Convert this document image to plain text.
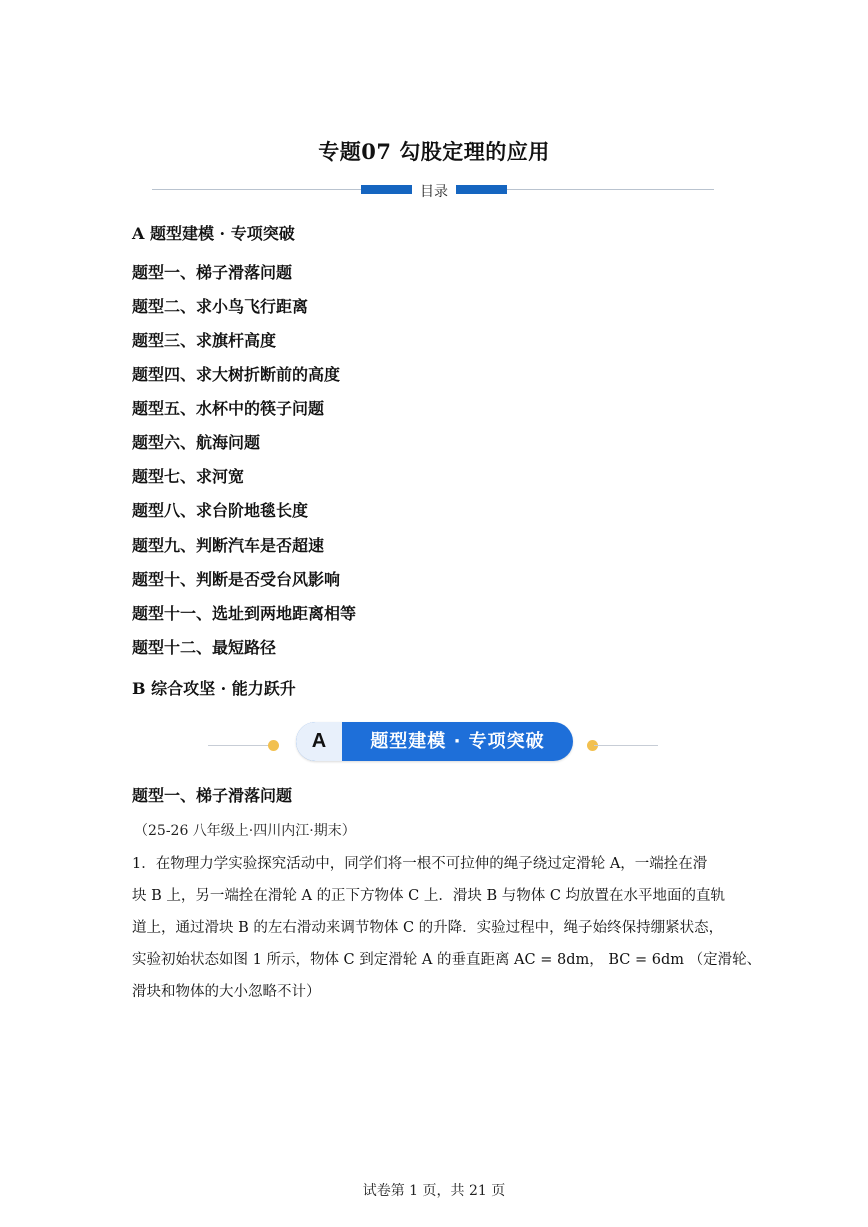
专题07 勾股定理的应用
目录
A 题型建模 · 专项突破
题型一、梯子滑落问题
题型二、求小鸟飞行距离
题型三、求旗杆高度
题型四、求大树折断前的高度
题型五、水杯中的筷子问题
题型六、航海问题
题型七、求河宽
题型八、求台阶地毯长度
题型九、判断汽车是否超速
题型十、判断是否受台风影响
题型十一、选址到两地距离相等
题型十二、最短路径
B 综合攻坚 · 能力跃升
A	题型建模 · 专项突破
题型一、梯子滑落问题
（25-26 八年级上·四川内江·期末）

1．在物理力学实验探究活动中，同学们将一根不可拉伸的绳子绕过定滑轮 A，一端拴在滑

块 B 上，另一端拴在滑轮 A 的正下方物体 C 上．滑块 B 与物体 C 均放置在水平地面的直轨

道上，通过滑块 B 的左右滑动来调节物体 C 的升降．实验过程中，绳子始终保持绷紧状态，

实验初始状态如图 1 所示，物体 C 到定滑轮 A 的垂直距离 AC = 8dm， BC = 6dm （定滑轮、

滑块和物体的大小忽略不计）

试卷第 1 页，共 21 页
